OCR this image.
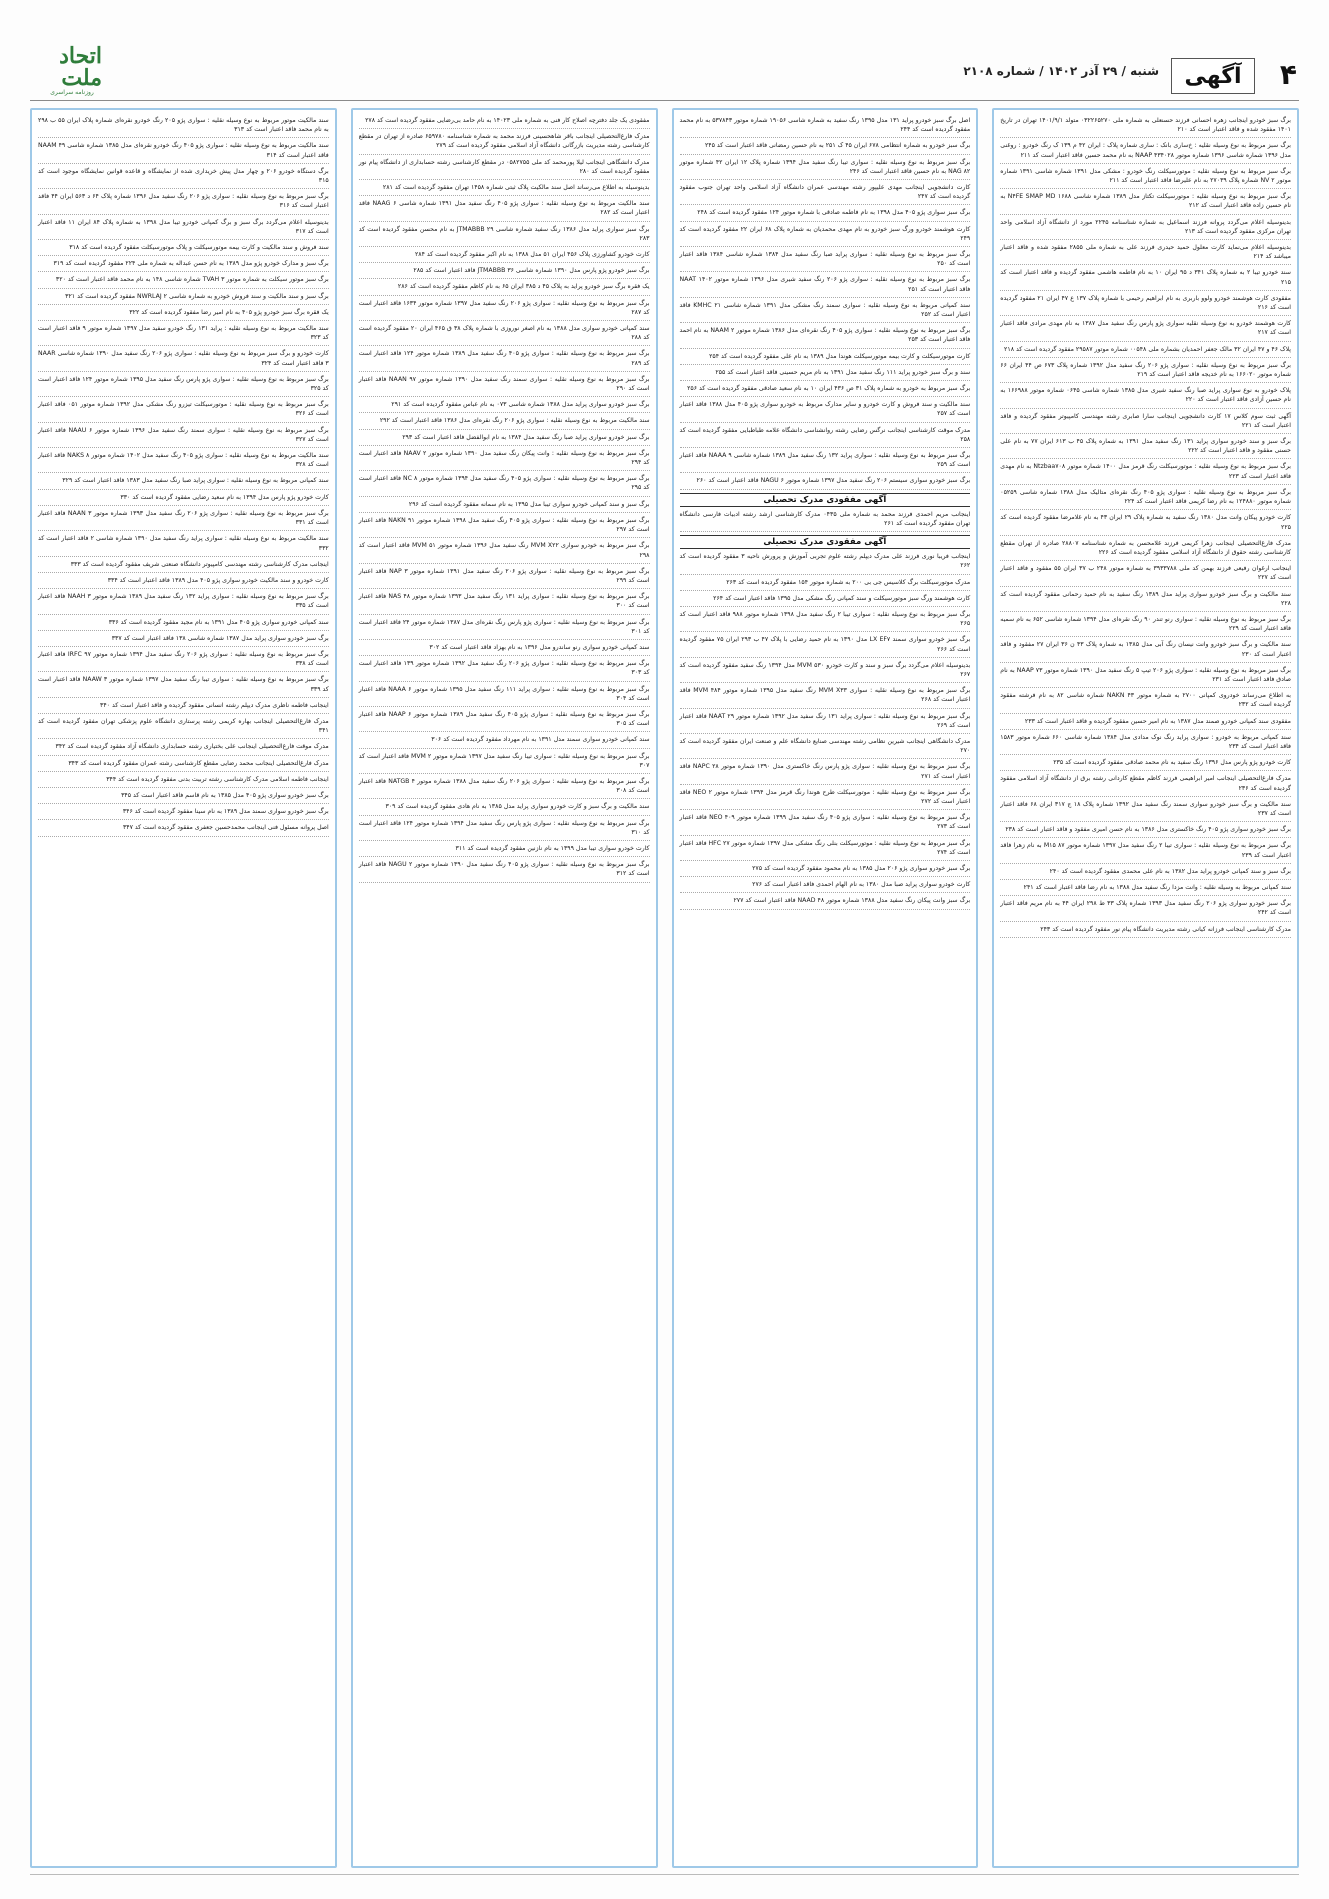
۴
آگهی
شنبه / ۲۹ آذر ۱۴۰۲ / شماره ۲۱۰۸
اتحاد ملت
روزنامه سراسری

برگ سبز خودرو اینجانب زهره احسانی فرزند حسنعلی به شماره ملی ۰۳۲۲۶۵۲۷۰ متولد ۱۴۰۱/۹/۱ تهران در تاریخ ۱۴۰۱ مفقود شده و فاقد اعتبار است کد ۲۱۰

برگ سبز مربوط به نوع وسیله نقلیه : خ‌ساری بانک : ساری شماره پلاک : ایران ۴۲ م ۱۳۹ ک رنگ خودرو : روغنی مدل ۱۳۹۶ شماره شاسی ۱۳۹۶ شماره موتور NAAP ۴۳۴۰۲۸ به نام محمد حسین فاقد اعتبار است کد ۲۱۱

برگ سبز مربوط به نوع وسیله نقلیه : موتورسیکلت رنگ خودرو : مشکی مدل ۱۳۹۱ شماره شاسی ۱۳۹۱ شماره موتور NV ۲ شماره پلاک ۲۷۰۳۹ به نام علیرضا فاقد اعتبار است کد ۲۱۱

برگ سبز مربوط به نوع وسیله نقلیه : موتورسیکلت تکتاز مدل ۱۳۸۹ شماره شاسی N۴FE SMAP MD ۱۶۸۸ به نام حسین زاده فاقد اعتبار است کد ۲۱۲

بدینوسیله اعلام می‌گردد پروانه فرزند اسماعیل به شماره شناسنامه ۲۲۴۵ مورد از دانشگاه آزاد اسلامی واحد تهران مرکزی مفقود گردیده است کد ۲۱۳

بدینوسیله اعلام می‌نماید کارت معلول حمید حیدری فرزند علی به شماره ملی ۲۸۵۵ مفقود شده و فاقد اعتبار میباشد کد ۲۱۴

سند خودرو تیبا ۲ به شماره پلاک ۳۴۱ د ۹۵ ایران ۱۰ به نام فاطمه هاشمی مفقود گردیده و فاقد اعتبار است کد ۲۱۵

مفقودی کارت هوشمند خودرو ولوو باربری به نام ابراهیم رحیمی با شماره پلاک ۱۳۷ ع ۴۷ ایران ۲۱ مفقود گردیده است کد ۲۱۶

کارت هوشمند خودرو به نوع وسیله نقلیه سواری پژو پارس رنگ سفید مدل ۱۳۸۷ به نام مهدی مرادی فاقد اعتبار است کد ۲۱۷

پلاک ۴۶ و ۴۷ ایران ۳۲ مالک جعفر احمدیان بشماره ملی ۰۰۵۴۸ شماره موتور ۲۹۵۸۷ مفقود گردیده است کد ۲۱۸

برگ سبز مربوط به نوع وسیله نقلیه : سواری پژو ۲۰۶ رنگ سفید مدل ۱۳۹۲ شماره پلاک ۶۷۳ ص ۴۴ ایران ۶۶ شماره موتور ۱۶۶۰۲۰ به نام خدیجه فاقد اعتبار است کد ۲۱۹

پلاک خودرو به نوع سواری پراید صبا رنگ سفید شیری مدل ۱۳۸۵ شماره شاسی ۰۶۴۵ شماره موتور ۱۶۶۹۸۸ به نام حسین آزادی فاقد اعتبار است کد ۲۲۰

آگهی ثبت سوم کلاس ۱۷ کارت دانشجویی اینجانب سارا صابری رشته مهندسی کامپیوتر مفقود گردیده و فاقد اعتبار است کد ۲۲۱

برگ سبز و سند خودرو سواری پراید ۱۳۱ رنگ سفید مدل ۱۳۹۱ به شماره پلاک ۴۵ ب ۶۱۳ ایران ۷۷ به نام علی حسنی مفقود و فاقد اعتبار است کد ۲۲۲

برگ سبز مربوط به نوع وسیله نقلیه : موتورسیکلت رنگ قرمز مدل ۱۴۰۰ شماره موتور Ntzbaa۷۰۸ به نام مهدی فاقد اعتبار است کد ۲۲۳

برگ سبز مربوط به نوع وسیله نقلیه : سواری پژو ۴۰۵ رنگ نقره‌ای متالیک مدل ۱۳۸۸ شماره شاسی ۰۵۲۵۹ شماره موتور ۱۲۴۸۸۰ به نام رضا کریمی فاقد اعتبار است کد ۲۲۴

کارت خودرو پیکان وانت مدل ۱۳۸۰ رنگ سفید به شماره پلاک ۲۹ ایران ۴۳ به نام غلامرضا مفقود گردیده است کد ۲۲۵

مدرک فارغ‌التحصیلی اینجانب زهرا کریمی فرزند غلامحسن به شماره شناسنامه ۲۸۸۰۷ صادره از تهران مقطع کارشناسی رشته حقوق از دانشگاه آزاد اسلامی مفقود گردیده است کد ۲۲۶

اینجانب ارغوان رفیعی فرزند بهمن کد ملی ۳۹۳۳۷۸۸ به شماره موتور ۲۴۸ ب ۳۷ ایران ۵۵ مفقود و فاقد اعتبار است کد ۲۲۷

سند مالکیت و برگ سبز خودرو سواری پراید مدل ۱۳۸۹ رنگ سفید به نام حمید رحمانی مفقود گردیده است کد ۲۲۸

برگ سبز مربوط به نوع وسیله نقلیه : سواری رنو تندر ۹۰ رنگ نقره‌ای مدل ۱۳۹۴ شماره شاسی ۶۵۲ به نام سمیه فاقد اعتبار است کد ۲۲۹

سند مالکیت و برگ سبز خودرو وانت نیسان رنگ آبی مدل ۱۳۸۵ به شماره پلاک ۴۳ ن ۳۶ ایران ۲۷ مفقود و فاقد اعتبار است کد ۲۳۰

برگ سبز مربوط به نوع وسیله نقلیه : سواری پژو ۲۰۶ تیپ ۵ رنگ سفید مدل ۱۳۹۰ شماره موتور NAAP ۷۳ به نام صادق فاقد اعتبار است کد ۲۳۱

به اطلاع می‌رساند خودروی کمپانی ۲۷۰۰ به شماره موتور NAKN ۴۳ شماره شاسی ۸۲ به نام فرشته مفقود گردیده است کد ۲۳۲

مفقودی سند کمپانی خودرو صمند مدل ۱۳۸۷ به نام امیر حسین مفقود گردیده و فاقد اعتبار است کد ۲۳۳

سند کمپانی مربوط به خودرو : سواری پراید رنگ نوک مدادی مدل ۱۳۸۴ شماره شاسی ۶۶۰ شماره موتور ۱۵۸۳ فاقد اعتبار است کد ۲۳۴

کارت خودرو پژو پارس مدل ۱۳۹۶ رنگ سفید به نام محمد صادقی مفقود گردیده است کد ۲۳۵

مدرک فارغ‌التحصیلی اینجانب امیر ابراهیمی فرزند کاظم مقطع کاردانی رشته برق از دانشگاه آزاد اسلامی مفقود گردیده است کد ۲۳۶

سند مالکیت و برگ سبز خودرو سواری سمند رنگ سفید مدل ۱۳۹۲ شماره پلاک ۱۸ ج ۳۱۷ ایران ۶۸ فاقد اعتبار است کد ۲۳۷

برگ سبز خودرو سواری پژو ۴۰۵ رنگ خاکستری مدل ۱۳۸۶ به نام حسن امیری مفقود و فاقد اعتبار است کد ۲۳۸

برگ سبز مربوط به نوع وسیله نقلیه : سواری تیبا ۲ رنگ سفید مدل ۱۳۹۷ شماره موتور M۱۵ ۸۷ به نام زهرا فاقد اعتبار است کد ۲۳۹

برگ سبز و سند کمپانی خودرو پراید مدل ۱۳۸۲ به نام علی محمدی مفقود گردیده است کد ۲۴۰

سند کمپانی مربوط به وسیله نقلیه : وانت مزدا رنگ سفید مدل ۱۳۸۸ به نام رضا فاقد اعتبار است کد ۲۴۱

برگ سبز خودرو سواری پژو ۲۰۶ رنگ سفید مدل ۱۳۹۳ شماره پلاک ۳۳ ط ۲۹۸ ایران ۴۴ به نام مریم فاقد اعتبار است کد ۲۴۲

مدرک کارشناسی اینجانب فرزانه کیانی رشته مدیریت دانشگاه پیام نور مفقود گردیده است کد ۲۴۳

اصل برگ سبز خودرو پراید ۱۳۱ مدل ۱۳۹۵ رنگ سفید به شماره شاسی ۱۹۰۵۶ شماره موتور ۵۳۷۸۴۳ به نام محمد مفقود گردیده است کد ۲۴۴

برگ سبز خودرو به شماره انتظامی ۶۷۸ ایران ۴۵ ک ۲۵۱ به نام حسین رمضانی فاقد اعتبار است کد ۲۴۵

برگ سبز مربوط به نوع وسیله نقلیه : سواری تیبا رنگ سفید مدل ۱۳۹۴ شماره پلاک ۱۲ ایران ۴۲ شماره موتور NAG ۸۲ به نام حسین فاقد اعتبار است کد ۲۴۶

کارت دانشجویی اینجانب مهدی علیپور رشته مهندسی عمران دانشگاه آزاد اسلامی واحد تهران جنوب مفقود گردیده است کد ۲۴۷

برگ سبز سواری پژو ۴۰۵ مدل ۱۳۹۸ به نام فاطمه صادقی با شماره موتور ۱۲۴ مفقود گردیده است کد ۲۴۸

کارت هوشمند خودرو ورگ سبز خودرو به نام مهدی محمدیان به شماره پلاک ۶۸ ایران ۲۲ مفقود گردیده است کد ۲۴۹

برگ سبز مربوط به نوع وسیله نقلیه : سواری پراید صبا رنگ سفید مدل ۱۳۸۴ شماره شاسی ۱۳۸۴ فاقد اعتبار است کد ۲۵۰

برگ سبز مربوط به نوع وسیله نقلیه : سواری پژو ۲۰۶ رنگ سفید شیری مدل ۱۳۹۶ شماره موتور NAAT ۱۴۰۲ فاقد اعتبار است کد ۲۵۱

سند کمپانی مربوط به نوع وسیله نقلیه : سواری سمند رنگ مشکی مدل ۱۳۹۱ شماره شاسی KMHC ۲۱ فاقد اعتبار است کد ۲۵۲

برگ سبز مربوط به نوع وسیله نقلیه : سواری پژو ۴۰۵ رنگ نقره‌ای مدل ۱۳۸۶ شماره موتور NAAM ۲ به نام احمد فاقد اعتبار است کد ۲۵۳

کارت موتورسیکلت و کارت بیمه موتورسیکلت هوندا مدل ۱۳۸۹ به نام علی مفقود گردیده است کد ۲۵۴

سند و برگ سبز خودرو پراید ۱۱۱ رنگ سفید مدل ۱۳۹۱ به نام مریم حسینی فاقد اعتبار است کد ۲۵۵

برگ سبز مربوط به خودرو به شماره پلاک ۳۱ ص ۴۳۶ ایران ۱۰ به نام سعید صادقی مفقود گردیده است کد ۲۵۶

سند مالکیت و سند فروش و کارت خودرو و سایر مدارک مربوط به خودرو سواری پژو ۴۰۵ مدل ۱۳۸۸ فاقد اعتبار است کد ۲۵۷

مدرک موقت کارشناسی اینجانب نرگس رضایی رشته روانشناسی دانشگاه علامه طباطبایی مفقود گردیده است کد ۲۵۸

برگ سبز مربوط به نوع وسیله نقلیه : سواری پراید ۱۳۲ رنگ سفید مدل ۱۳۸۹ شماره شاسی NAAA ۹ فاقد اعتبار است کد ۲۵۹

برگ سبز خودرو سواری سیستم ۲۰۶ رنگ سفید مدل ۱۳۹۷ شماره موتور NAGU ۶ فاقد اعتبار است کد ۲۶۰

آگهی مفقودی مدرک تحصیلی

اینجانب مریم احمدی فرزند محمد به شماره ملی ۰۴۳۵ مدرک کارشناسی ارشد رشته ادبیات فارسی دانشگاه تهران مفقود گردیده است کد ۲۶۱

آگهی مفقودی مدرک تحصیلی

اینجانب فریبا نوری فرزند علی مدرک دیپلم رشته علوم تجربی آموزش و پرورش ناحیه ۳ مفقود گردیده است کد ۲۶۲

مدرک موتورسیکلت برگ کلاسیس جی بی ۲۰۰ به شماره موتور ۱۵۴ مفقود گردیده است کد ۲۶۳

کارت هوشمند ورگ سبز موتورسیکلت و سند کمپانی رنگ مشکی مدل ۱۳۹۵ فاقد اعتبار است کد ۲۶۴

برگ سبز مربوط به نوع وسیله نقلیه : سواری تیبا ۲ رنگ سفید مدل ۱۳۹۸ شماره موتور ۹۸۸ فاقد اعتبار است کد ۲۶۵

برگ سبز خودرو سواری سمند LX EF۷ مدل ۱۳۹۰ به نام حمید رضایی با پلاک ۴۷ ب ۲۹۳ ایران ۷۵ مفقود گردیده است کد ۲۶۶

بدینوسیله اعلام می‌گردد برگ سبز و سند و کارت خودرو MVM ۵۳۰ مدل ۱۳۹۴ رنگ سفید مفقود گردیده است کد ۲۶۷

برگ سبز مربوط به نوع وسیله نقلیه : سواری MVM X۳۳ رنگ سفید مدل ۱۳۹۵ شماره موتور MVM ۴۸۴ فاقد اعتبار است کد ۲۶۸

برگ سبز مربوط به نوع وسیله نقلیه : سواری پراید ۱۳۱ رنگ سفید مدل ۱۳۹۲ شماره موتور NAAT ۲۹ فاقد اعتبار است کد ۲۶۹

مدرک دانشگاهی اینجانب شیرین نظامی رشته مهندسی صنایع دانشگاه علم و صنعت ایران مفقود گردیده است کد ۲۷۰

برگ سبز مربوط به نوع وسیله نقلیه : سواری پژو پارس رنگ خاکستری مدل ۱۳۹۰ شماره موتور NAPC ۲۸ فاقد اعتبار است کد ۲۷۱

برگ سبز مربوط به نوع وسیله نقلیه : موتورسیکلت طرح هوندا رنگ قرمز مدل ۱۳۹۴ شماره موتور NEO ۲ فاقد اعتبار است کد ۲۷۲

برگ سبز مربوط به نوع وسیله نقلیه : سواری پژو ۴۰۵ رنگ سفید مدل ۱۳۹۹ شماره موتور NEO ۴۰۹ فاقد اعتبار است کد ۲۷۳

برگ سبز مربوط به نوع وسیله نقلیه : موتورسیکلت بنلی رنگ مشکی مدل ۱۳۹۷ شماره موتور HFC ۲۷ فاقد اعتبار است کد ۲۷۴

برگ سبز خودرو سواری پژو ۲۰۶ مدل ۱۳۸۵ به نام محمود مفقود گردیده است کد ۲۷۵

کارت خودرو سواری پراید صبا مدل ۱۳۸۰ به نام الهام احمدی فاقد اعتبار است کد ۲۷۶

برگ سبز وانت پیکان رنگ سفید مدل ۱۳۸۸ شماره موتور NAAD ۴۸ فاقد اعتبار است کد ۲۷۷

مفقودی یک جلد دفترچه اصلاح کار فنی به شماره ملی ۱۴۰۲۳ به نام حامد بی‌رضایی مفقود گردیده است کد ۲۷۸

مدرک فارغ‌التحصیلی اینجانب باقر شاهحسینی فرزند محمد به شماره شناسنامه ۶۵۹۷۸۰ صادره از تهران در مقطع کارشناسی رشته مدیریت بازرگانی دانشگاه آزاد اسلامی مفقود گردیده است کد ۲۷۹

مدرک دانشگاهی اینجانب لیلا پورمحمد کد ملی ۰۵۸۲۷۵۵ در مقطع کارشناسی رشته حسابداری از دانشگاه پیام نور مفقود گردیده است کد ۲۸۰

بدینوسیله به اطلاع می‌رساند اصل سند مالکیت پلاک ثبتی شماره ۱۴۵۸ تهران مفقود گردیده است کد ۲۸۱

سند مالکیت مربوط به نوع وسیله نقلیه : سواری پژو ۴۰۵ رنگ سفید مدل ۱۳۹۱ شماره شاسی NAAG ۶ فاقد اعتبار است کد ۲۸۲

برگ سبز سواری پراید مدل ۱۳۸۶ رنگ سفید شماره شاسی JTMABBB ۲۹ به نام محسن مفقود گردیده است کد ۲۸۳

کارت خودرو کشاورزی پلاک ۴۵۶ ایران ۵۱ مدل ۱۳۸۸ به نام اکبر مفقود گردیده است کد ۲۸۴

برگ سبز خودرو پژو پارس مدل ۱۳۹۰ شماره شاسی JTMABBB ۳۶ فاقد اعتبار است کد ۲۸۵

یک فقره برگ سبز خودرو پراید به پلاک ۴۵ د ۳۸۵ ایران ۶۵ به نام کاظم مفقود گردیده است کد ۲۸۶

برگ سبز مربوط به نوع وسیله نقلیه : سواری پژو ۲۰۶ رنگ سفید مدل ۱۳۹۷ شماره موتور ۱۶۳۴ فاقد اعتبار است کد ۲۸۷

سند کمپانی خودرو سواری مدل ۱۳۸۸ به نام اصغر نوروزی با شماره پلاک ۳۸ ق ۴۶۵ ایران ۲۰ مفقود گردیده است کد ۲۸۸

برگ سبز مربوط به نوع وسیله نقلیه : سواری پژو ۴۰۵ رنگ سفید مدل ۱۳۸۹ شماره موتور ۱۲۴ فاقد اعتبار است کد ۲۸۹

برگ سبز مربوط به نوع وسیله نقلیه : سواری سمند رنگ سفید مدل ۱۳۹۰ شماره موتور NAAN ۹۷ فاقد اعتبار است کد ۲۹۰

برگ سبز خودرو سواری پراید مدل ۱۳۸۸ شماره شاسی ۰۷۳ به نام عباس مفقود گردیده است کد ۲۹۱

سند مالکیت مربوط به نوع وسیله نقلیه : سواری پژو ۲۰۶ رنگ نقره‌ای مدل ۱۳۸۶ فاقد اعتبار است کد ۲۹۲

برگ سبز خودرو سواری پراید صبا رنگ سفید مدل ۱۳۸۴ به نام ابوالفضل فاقد اعتبار است کد ۲۹۳

برگ سبز مربوط به نوع وسیله نقلیه : وانت پیکان رنگ سفید مدل ۱۳۹۰ شماره موتور NAAV ۲ فاقد اعتبار است کد ۲۹۴

برگ سبز مربوط به نوع وسیله نقلیه : سواری پژو ۴۰۵ رنگ سفید مدل ۱۳۹۴ شماره موتور NC ۸ فاقد اعتبار است کد ۲۹۵

برگ سبز و سند کمپانی خودرو سواری تیبا مدل ۱۳۹۵ به نام سمانه مفقود گردیده است کد ۲۹۶

برگ سبز مربوط به نوع وسیله نقلیه : سواری پژو ۴۰۵ رنگ سفید مدل ۱۳۹۸ شماره موتور NAKN ۹۱ فاقد اعتبار است کد ۲۹۷

برگ سبز مربوط به خودرو سواری MVM X۲۲ رنگ سفید مدل ۱۳۹۶ شماره موتور MVM ۵۱ فاقد اعتبار است کد ۲۹۸

برگ سبز مربوط به نوع وسیله نقلیه : سواری پژو ۲۰۶ رنگ سفید مدل ۱۳۹۱ شماره موتور NAP ۳ فاقد اعتبار است کد ۲۹۹

برگ سبز مربوط به نوع وسیله نقلیه : سواری پراید ۱۳۱ رنگ سفید مدل ۱۳۹۳ شماره موتور NAS ۴۸ فاقد اعتبار است کد ۳۰۰

برگ سبز مربوط به نوع وسیله نقلیه : سواری پژو پارس رنگ نقره‌ای مدل ۱۳۸۷ شماره موتور ۲۴ فاقد اعتبار است کد ۳۰۱

سند کمپانی خودرو سواری رنو ساندرو مدل ۱۳۹۶ به نام بهزاد فاقد اعتبار است کد ۳۰۲

برگ سبز مربوط به نوع وسیله نقلیه : سواری پژو ۲۰۶ رنگ سفید مدل ۱۳۹۲ شماره موتور ۱۳۹ فاقد اعتبار است کد ۳۰۳

برگ سبز مربوط به نوع وسیله نقلیه : سواری پراید ۱۱۱ رنگ سفید مدل ۱۳۹۵ شماره موتور NAAA ۶ فاقد اعتبار است کد ۳۰۴

برگ سبز مربوط به نوع وسیله نقلیه : سواری پژو ۴۰۵ رنگ سفید مدل ۱۳۸۹ شماره موتور NAAP ۶ فاقد اعتبار است کد ۳۰۵

سند کمپانی خودرو سواری سمند مدل ۱۳۹۱ به نام مهرداد مفقود گردیده است کد ۳۰۶

برگ سبز مربوط به نوع وسیله نقلیه : سواری تیبا رنگ سفید مدل ۱۳۹۷ شماره موتور MVM ۲ فاقد اعتبار است کد ۳۰۷

برگ سبز مربوط به نوع وسیله نقلیه : سواری پژو ۲۰۶ رنگ سفید مدل ۱۳۸۸ شماره موتور NATGB ۴ فاقد اعتبار است کد ۳۰۸

سند مالکیت و برگ سبز و کارت خودرو سواری پراید مدل ۱۳۸۵ به نام هادی مفقود گردیده است کد ۳۰۹

برگ سبز مربوط به نوع وسیله نقلیه : سواری پژو پارس رنگ سفید مدل ۱۳۹۴ شماره موتور ۱۲۴ فاقد اعتبار است کد ۳۱۰

کارت خودرو سواری تیبا مدل ۱۳۹۹ به نام نازنین مفقود گردیده است کد ۳۱۱

برگ سبز مربوط به نوع وسیله نقلیه : سواری پژو ۴۰۵ رنگ سفید مدل ۱۳۹۰ شماره موتور NAGU ۲ فاقد اعتبار است کد ۳۱۲

سند مالکیت موتور مربوط به نوع وسیله نقلیه : سواری پژو ۲۰۵ رنگ خودرو نقره‌ای شماره پلاک ایران ۵۵ ب ۲۹۸ به نام محمد فاقد اعتبار است کد ۳۱۳

سند مالکیت مربوط به نوع وسیله نقلیه : سواری پژو ۴۰۵ رنگ خودرو نقره‌ای مدل ۱۳۸۵ شماره شاسی NAAM ۴۹ فاقد اعتبار است کد ۳۱۴

برگ دستگاه خودرو ۲۰۶ و چهار مدل پیش خریداری شده از نمایشگاه و قاعده قوانین نمایشگاه موجود است کد ۳۱۵

برگ سبز مربوط به نوع وسیله نقلیه : سواری پژو ۲۰۶ رنگ سفید مدل ۱۳۹۶ شماره پلاک ۶۴ د ۵۶۳ ایران ۴۴ فاقد اعتبار است کد ۳۱۶

بدینوسیله اعلام می‌گردد برگ سبز و برگ کمپانی خودرو تیبا مدل ۱۳۹۸ به شماره پلاک ۸۴ ایران ۱۱ فاقد اعتبار است کد ۳۱۷

سند فروش و سند مالکیت و کارت بیمه موتورسیکلت و پلاک موتورسیکلت مفقود گردیده است کد ۳۱۸

برگ سبز و مدارک خودرو پژو مدل ۱۳۸۹ به نام حسن عبداله به شماره ملی ۲۲۴ مفقود گردیده است کد ۳۱۹

برگ سبز موتور سیکلت به شماره موتور TVAH ۳ شماره شاسی ۱۴۸ به نام محمد فاقد اعتبار است کد ۳۲۰

برگ سبز و سند مالکیت و سند فروش خودرو به شماره شاسی NWRLAJ ۲ مفقود گردیده است کد ۳۲۱

یک فقره برگ سبز خودرو پژو ۴۰۵ به نام امیر رضا مفقود گردیده است کد ۳۲۲

سند مالکیت مربوط به نوع وسیله نقلیه : پراید ۱۳۱ رنگ خودرو سفید مدل ۱۳۹۷ شماره موتور ۹ فاقد اعتبار است کد ۳۲۳

کارت خودرو و برگ سبز مربوط به نوع وسیله نقلیه : سواری پژو ۲۰۶ رنگ سفید مدل ۱۳۹۰ شماره شاسی NAAR ۳ فاقد اعتبار است کد ۳۲۴

برگ سبز مربوط به نوع وسیله نقلیه : سواری پژو پارس رنگ سفید مدل ۱۳۹۵ شماره موتور ۱۲۴ فاقد اعتبار است کد ۳۲۵

برگ سبز مربوط به نوع وسیله نقلیه : موتورسیکلت تیزرو رنگ مشکی مدل ۱۳۹۲ شماره موتور ۰۵۱ فاقد اعتبار است کد ۳۲۶

برگ سبز مربوط به نوع وسیله نقلیه : سواری سمند رنگ سفید مدل ۱۳۹۶ شماره موتور NAAU ۶ فاقد اعتبار است کد ۳۲۷

سند مالکیت مربوط به نوع وسیله نقلیه : سواری پژو ۴۰۵ رنگ سفید مدل ۱۴۰۲ شماره موتور NAKS ۸ فاقد اعتبار است کد ۳۲۸

سند کمپانی مربوط به نوع وسیله نقلیه : سواری پراید صبا رنگ سفید مدل ۱۳۸۳ فاقد اعتبار است کد ۳۲۹

کارت خودرو پژو پارس مدل ۱۳۹۴ به نام سعید رضایی مفقود گردیده است کد ۳۳۰

برگ سبز مربوط به نوع وسیله نقلیه : سواری پژو ۲۰۶ رنگ سفید مدل ۱۳۹۳ شماره موتور NAAN ۳ فاقد اعتبار است کد ۳۳۱

سند مالکیت مربوط به نوع وسیله نقلیه : سواری پراید رنگ سفید مدل ۱۳۹۰ شماره شاسی ۲ فاقد اعتبار است کد ۳۳۲

اینجانب مدرک کارشناسی رشته مهندسی کامپیوتر دانشگاه صنعتی شریف مفقود گردیده است کد ۳۳۳

کارت خودرو و سند مالکیت خودرو سواری پژو ۴۰۵ مدل ۱۳۸۹ فاقد اعتبار است کد ۳۳۴

برگ سبز مربوط به نوع وسیله نقلیه : سواری پراید ۱۳۲ رنگ سفید مدل ۱۳۸۹ شماره موتور NAAH ۳ فاقد اعتبار است کد ۳۳۵

سند کمپانی خودرو سواری پژو ۴۰۵ مدل ۱۳۹۱ به نام مجید مفقود گردیده است کد ۳۳۶

برگ سبز خودرو سواری پراید مدل ۱۳۸۷ شماره شاسی ۱۳۸ فاقد اعتبار است کد ۳۳۷

برگ سبز مربوط به نوع وسیله نقلیه : سواری پژو ۲۰۶ رنگ سفید مدل ۱۳۹۴ شماره موتور IRFC ۹۷ فاقد اعتبار است کد ۳۳۸

برگ سبز مربوط به نوع وسیله نقلیه : سواری تیبا رنگ سفید مدل ۱۳۹۷ شماره موتور NAAW ۳ فاقد اعتبار است کد ۳۳۹

اینجانب فاطمه ناظری مدرک دیپلم رشته انسانی مفقود گردیده و فاقد اعتبار است کد ۳۴۰

مدرک فارغ‌التحصیلی اینجانب بهاره کریمی رشته پرستاری دانشگاه علوم پزشکی تهران مفقود گردیده است کد ۳۴۱

مدرک موقت فارغ‌التحصیلی اینجانب علی بختیاری رشته حسابداری دانشگاه آزاد مفقود گردیده است کد ۳۴۲

مدرک فارغ‌التحصیلی اینجانب محمد رضایی مقطع کارشناسی رشته عمران مفقود گردیده است کد ۳۴۳

اینجانب فاطمه اسلامی مدرک کارشناسی رشته تربیت بدنی مفقود گردیده است کد ۳۴۴

برگ سبز خودرو سواری پژو ۴۰۵ مدل ۱۳۸۵ به نام قاسم فاقد اعتبار است کد ۳۴۵

برگ سبز خودرو سواری سمند مدل ۱۳۸۹ به نام سینا مفقود گردیده است کد ۳۴۶

اصل پروانه مسئول فنی اینجانب محمدحسین جعفری مفقود گردیده است کد ۳۴۷
